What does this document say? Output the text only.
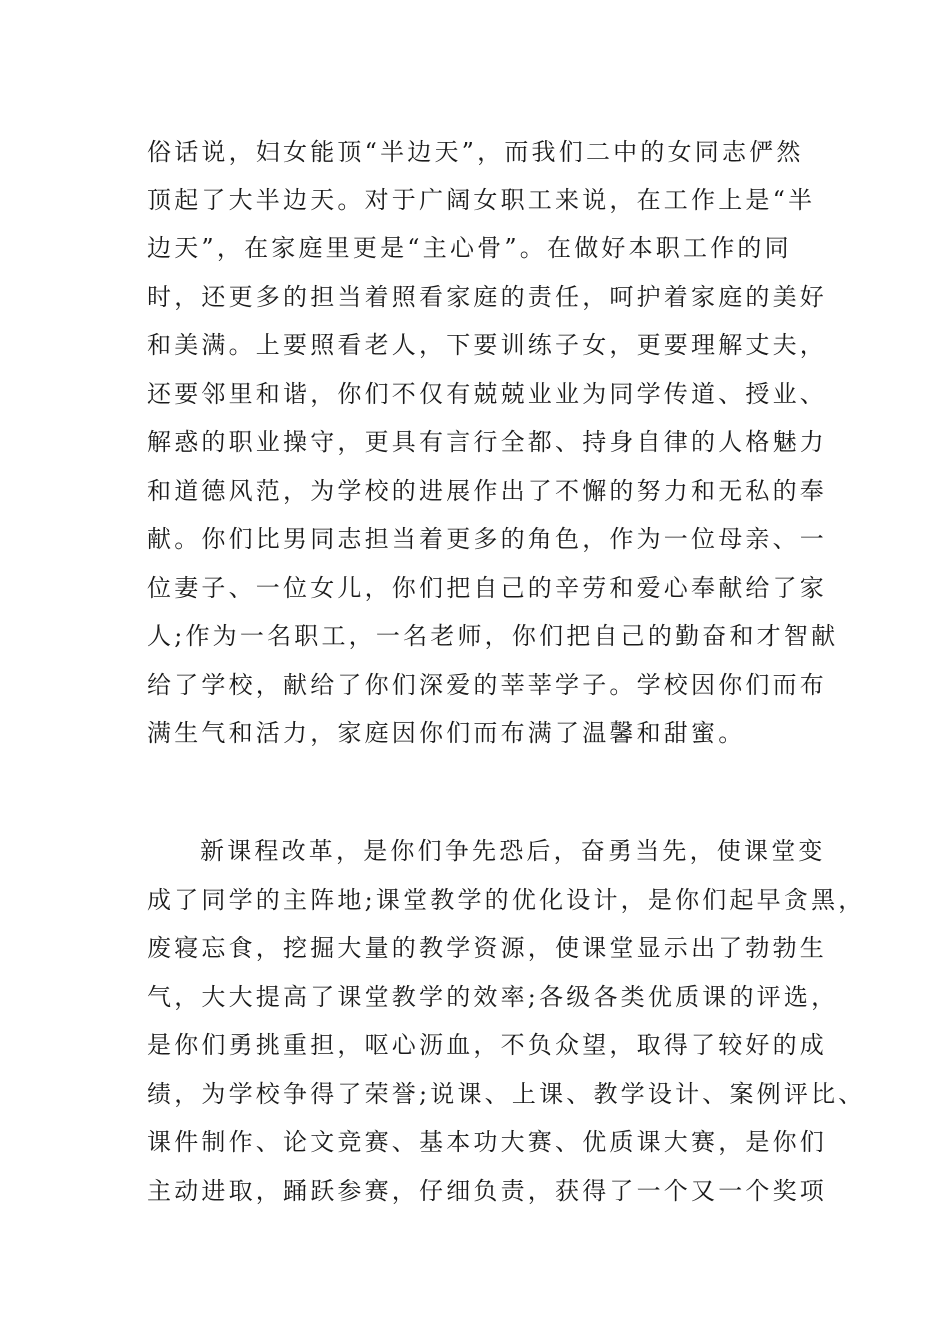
俗话说，妇女能顶“半边天”，而我们二中的女同志俨然
顶起了大半边天。对于广阔女职工来说，在工作上是“半
边天”，在家庭里更是“主心骨”。在做好本职工作的同
时，还更多的担当着照看家庭的责任，呵护着家庭的美好
和美满。上要照看老人，下要训练子女，更要理解丈夫，
还要邻里和谐，你们不仅有兢兢业业为同学传道、授业、
解惑的职业操守，更具有言行全都、持身自律的人格魅力
和道德风范，为学校的进展作出了不懈的努力和无私的奉
献。你们比男同志担当着更多的角色，作为一位母亲、一
位妻子、一位女儿，你们把自己的辛劳和爱心奉献给了家
人;作为一名职工，一名老师，你们把自己的勤奋和才智献
给了学校，献给了你们深爱的莘莘学子。学校因你们而布
满生气和活力，家庭因你们而布满了温馨和甜蜜。
新课程改革，是你们争先恐后，奋勇当先，使课堂变
成了同学的主阵地;课堂教学的优化设计，是你们起早贪黑，
废寝忘食，挖掘大量的教学资源，使课堂显示出了勃勃生
气，大大提高了课堂教学的效率;各级各类优质课的评选，
是你们勇挑重担，呕心沥血，不负众望，取得了较好的成
绩，为学校争得了荣誉;说课、上课、教学设计、案例评比、
课件制作、论文竞赛、基本功大赛、优质课大赛，是你们
主动进取，踊跃参赛，仔细负责，获得了一个又一个奖项
